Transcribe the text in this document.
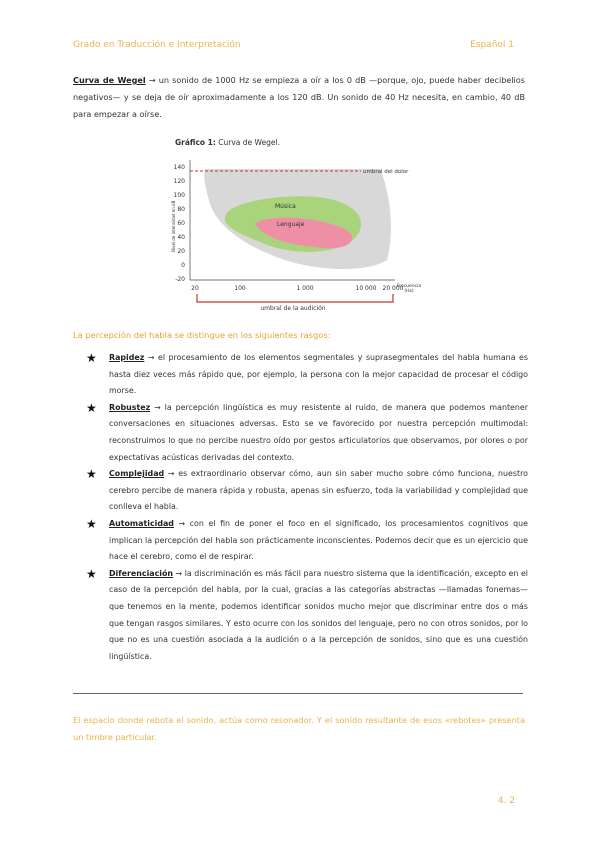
Grado en Traducción e Interpretación	Español 1

Curva de Wegel → un sonido de 1000 Hz se empieza a oír a los 0 dB —porque, ojo, puede haber decibelios negativos— y se deja de oír aproximadamente a los 120 dB. Un sonido de 40 Hz necesita, en cambio, 40 dB para empezar a oírse.

Gráfico 1: Curva de Wegel.
Nivel de intensidad en dB
140
120
100
80
60
40
20
0
-20
umbral del dolor
Música
Lenguaje
20	100	1 000	10 000 20 000
Frecuencia
(Hz)
umbral de la audición
La percepción del habla se distingue en los siguientes rasgos:
★ Rapidez → el procesamiento de los elementos segmentales y suprasegmentales del habla humana es hasta diez veces más rápido que, por ejemplo, la persona con la mejor capacidad de procesar el código morse.
★ Robustez → la percepción lingüística es muy resistente al ruido, de manera que podemos mantener conversaciones en situaciones adversas. Esto se ve favorecido por nuestra percepción multimodal: reconstruimos lo que no percibe nuestro oído por gestos articulatorios que observamos, por olores o por expectativas acústicas derivadas del contexto.
★ Complejidad → es extraordinario observar cómo, aun sin saber mucho sobre cómo funciona, nuestro cerebro percibe de manera rápida y robusta, apenas sin esfuerzo, toda la variabilidad y complejidad que conlleva el habla.
★ Automaticidad → con el fin de poner el foco en el significado, los procesamientos cognitivos que implican la percepción del habla son prácticamente inconscientes. Podemos decir que es un ejercicio que hace el cerebro, como el de respirar.
★ Diferenciación → la discriminación es más fácil para nuestro sistema que la identificación, excepto en el caso de la percepción del habla, por la cual, gracias a las categorías abstractas —llamadas fonemas— que tenemos en la mente, podemos identificar sonidos mucho mejor que discriminar entre dos o más que tengan rasgos similares. Y esto ocurre con los sonidos del lenguaje, pero no con otros sonidos, por lo que no es una cuestión asociada a la audición o a la percepción de sonidos, sino que es una cuestión lingüística.
El espacio donde rebota el sonido, actúa como resonador. Y el sonido resultante de esos «rebotes» presenta un timbre particular.
4. 2
